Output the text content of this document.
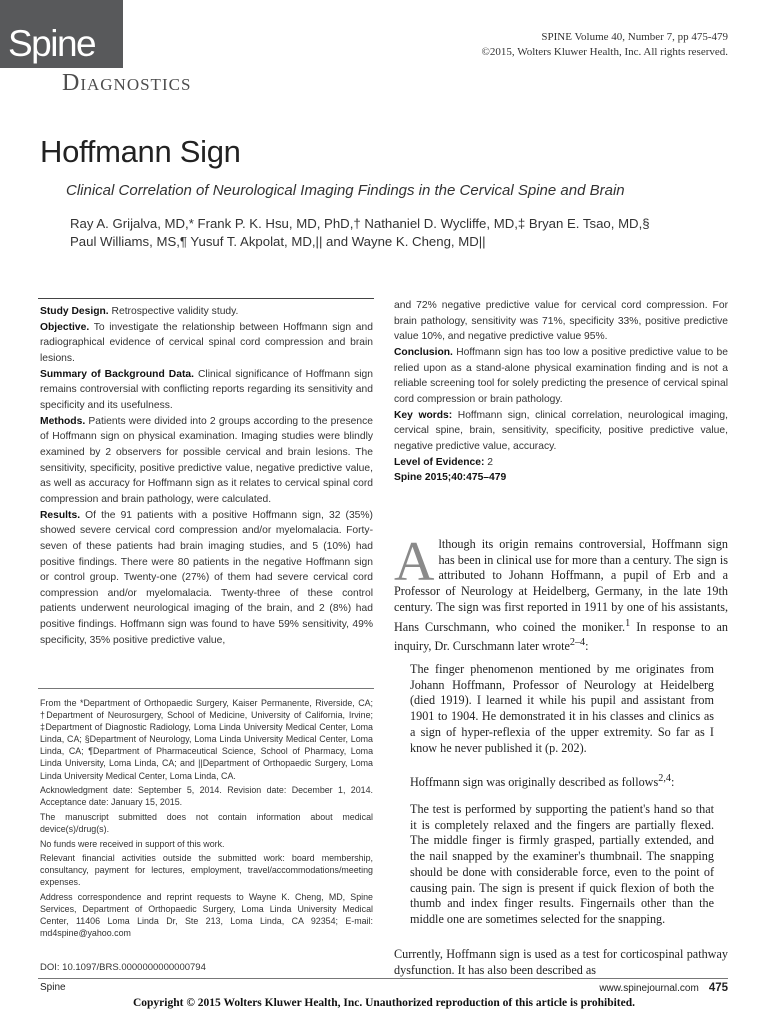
Spine
Diagnostics
SPINE Volume 40, Number 7, pp 475-479
©2015, Wolters Kluwer Health, Inc. All rights reserved.
Hoffmann Sign
Clinical Correlation of Neurological Imaging Findings in the Cervical Spine and Brain
Ray A. Grijalva, MD,* Frank P. K. Hsu, MD, PhD,† Nathaniel D. Wycliffe, MD,‡ Bryan E. Tsao, MD,§
Paul Williams, MS,¶ Yusuf T. Akpolat, MD,|| and Wayne K. Cheng, MD||

Study Design. Retrospective validity study.

Objective. To investigate the relationship between Hoffmann sign and radiographical evidence of cervical spinal cord compression and brain lesions.

Summary of Background Data. Clinical significance of Hoffmann sign remains controversial with conflicting reports regarding its sensitivity and specificity and its usefulness.

Methods. Patients were divided into 2 groups according to the presence of Hoffmann sign on physical examination. Imaging studies were blindly examined by 2 observers for possible cervical and brain lesions. The sensitivity, specificity, positive predictive value, negative predictive value, as well as accuracy for Hoffmann sign as it relates to cervical spinal cord compression and brain pathology, were calculated.

Results. Of the 91 patients with a positive Hoffmann sign, 32 (35%) showed severe cervical cord compression and/or myelomalacia. Forty-seven of these patients had brain imaging studies, and 5 (10%) had positive findings. There were 80 patients in the negative Hoffmann sign or control group. Twenty-one (27%) of them had severe cervical cord compression and/or myelomalacia. Twenty-three of these control patients underwent neurological imaging of the brain, and 2 (8%) had positive findings. Hoffmann sign was found to have 59% sensitivity, 49% specificity, 35% positive predictive value,

and 72% negative predictive value for cervical cord compression. For brain pathology, sensitivity was 71%, specificity 33%, positive predictive value 10%, and negative predictive value 95%.

Conclusion. Hoffmann sign has too low a positive predictive value to be relied upon as a stand-alone physical examination finding and is not a reliable screening tool for solely predicting the presence of cervical spinal cord compression or brain pathology.

Key words: Hoffmann sign, clinical correlation, neurological imaging, cervical spine, brain, sensitivity, specificity, positive predictive value, negative predictive value, accuracy.

Level of Evidence: 2

Spine 2015;40:475–479

From the *Department of Orthopaedic Surgery, Kaiser Permanente, Riverside, CA; †Department of Neurosurgery, School of Medicine, University of California, Irvine; ‡Department of Diagnostic Radiology, Loma Linda University Medical Center, Loma Linda, CA; §Department of Neurology, Loma Linda University Medical Center, Loma Linda, CA; ¶Department of Pharmaceutical Science, School of Pharmacy, Loma Linda University, Loma Linda, CA; and ||Department of Orthopaedic Surgery, Loma Linda University Medical Center, Loma Linda, CA.

Acknowledgment date: September 5, 2014. Revision date: December 1, 2014. Acceptance date: January 15, 2015.

The manuscript submitted does not contain information about medical device(s)/drug(s).

No funds were received in support of this work.

Relevant financial activities outside the submitted work: board membership, consultancy, payment for lectures, employment, travel/accommodations/meeting expenses.

Address correspondence and reprint requests to Wayne K. Cheng, MD, Spine Services, Department of Orthopaedic Surgery, Loma Linda University Medical Center, 11406 Loma Linda Dr, Ste 213, Loma Linda, CA 92354; E-mail: md4spine@yahoo.com

DOI: 10.1097/BRS.0000000000000794
Although its origin remains controversial, Hoffmann sign has been in clinical use for more than a century. The sign is attributed to Johann Hoffmann, a pupil of Erb and a Professor of Neurology at Heidelberg, Germany, in the late 19th century. The sign was first reported in 1911 by one of his assistants, Hans Curschmann, who coined the moniker.$^1$ In response to an inquiry, Dr. Curschmann later wrote$^{2-4}$:
The finger phenomenon mentioned by me originates from Johann Hoffmann, Professor of Neurology at Heidelberg (died 1919). I learned it while his pupil and assistant from 1901 to 1904. He demonstrated it in his classes and clinics as a sign of hyper-reflexia of the upper extremity. So far as I know he never published it (p. 202).
Hoffmann sign was originally described as follows$^{2,4}$:
The test is performed by supporting the patient's hand so that it is completely relaxed and the fingers are partially flexed. The middle finger is firmly grasped, partially extended, and the nail snapped by the examiner's thumbnail. The snapping should be done with considerable force, even to the point of causing pain. The sign is present if quick flexion of both the thumb and index finger results. Fingernails other than the middle one are sometimes selected for the snapping.
Currently, Hoffmann sign is used as a test for corticospinal pathway dysfunction. It has also been described as
Spine	www.spinejournal.com 475
Copyright © 2015 Wolters Kluwer Health, Inc. Unauthorized reproduction of this article is prohibited.
